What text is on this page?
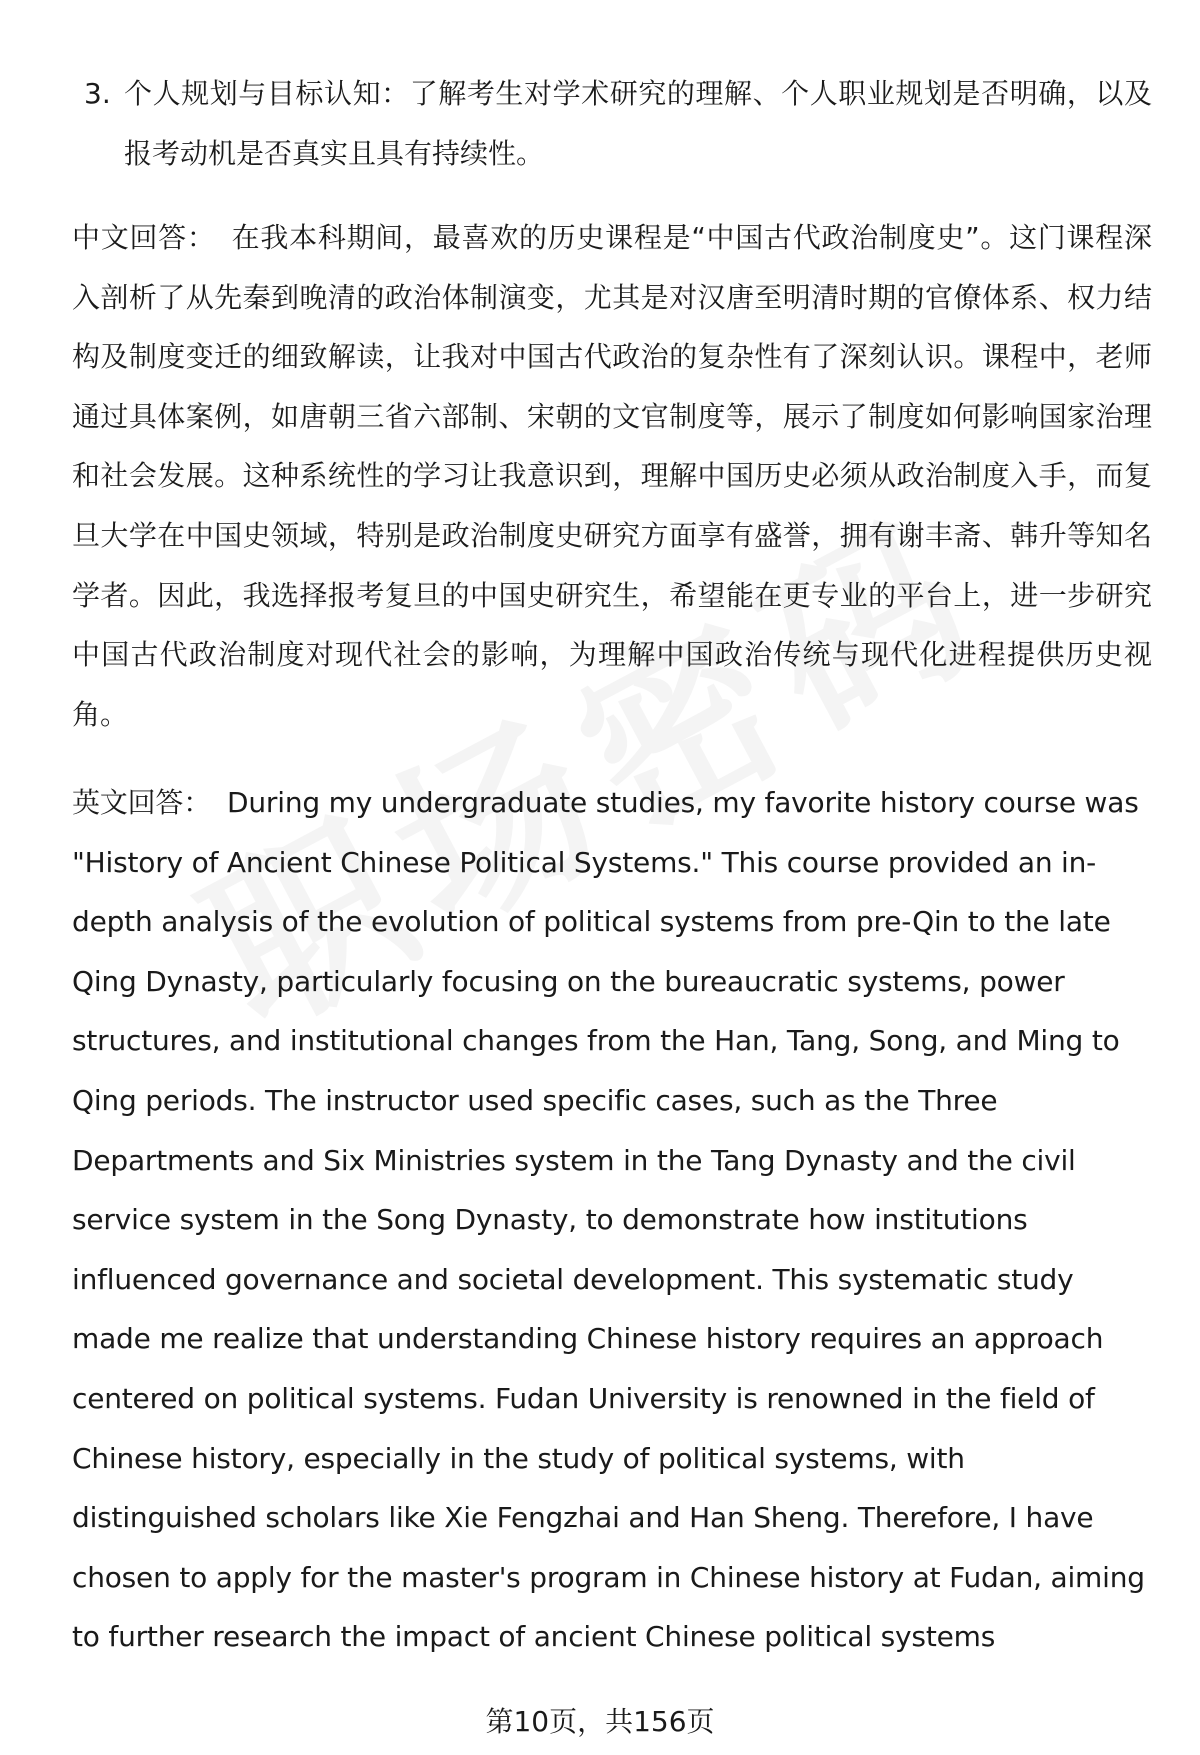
3. 个人规划与目标认知：了解考生对学术研究的理解、个人职业规划是否明确，以及报考动机是否真实且具有持续性。
中文回答： 在我本科期间，最喜欢的历史课程是“中国古代政治制度史”。这门课程深入剖析了从先秦到晚清的政治体制演变，尤其是对汉唐至明清时期的官僚体系、权力结构及制度变迁的细致解读，让我对中国古代政治的复杂性有了深刻认识。课程中，老师通过具体案例，如唐朝三省六部制、宋朝的文官制度等，展示了制度如何影响国家治理和社会发展。这种系统性的学习让我意识到，理解中国历史必须从政治制度入手，而复旦大学在中国史领域，特别是政治制度史研究方面享有盛誉，拥有谢丰斋、韩升等知名学者。因此，我选择报考复旦的中国史研究生，希望能在更专业的平台上，进一步研究中国古代政治制度对现代社会的影响，为理解中国政治传统与现代化进程提供历史视角。
英文回答： During my undergraduate studies, my favorite history course was "History of Ancient Chinese Political Systems." This course provided an in-depth analysis of the evolution of political systems from pre-Qin to the late Qing Dynasty, particularly focusing on the bureaucratic systems, power structures, and institutional changes from the Han, Tang, Song, and Ming to Qing periods. The instructor used specific cases, such as the Three Departments and Six Ministries system in the Tang Dynasty and the civil service system in the Song Dynasty, to demonstrate how institutions influenced governance and societal development. This systematic study made me realize that understanding Chinese history requires an approach centered on political systems. Fudan University is renowned in the field of Chinese history, especially in the study of political systems, with distinguished scholars like Xie Fengzhai and Han Sheng. Therefore, I have chosen to apply for the master's program in Chinese history at Fudan, aiming to further research the impact of ancient Chinese political systems
第10页，共156页
